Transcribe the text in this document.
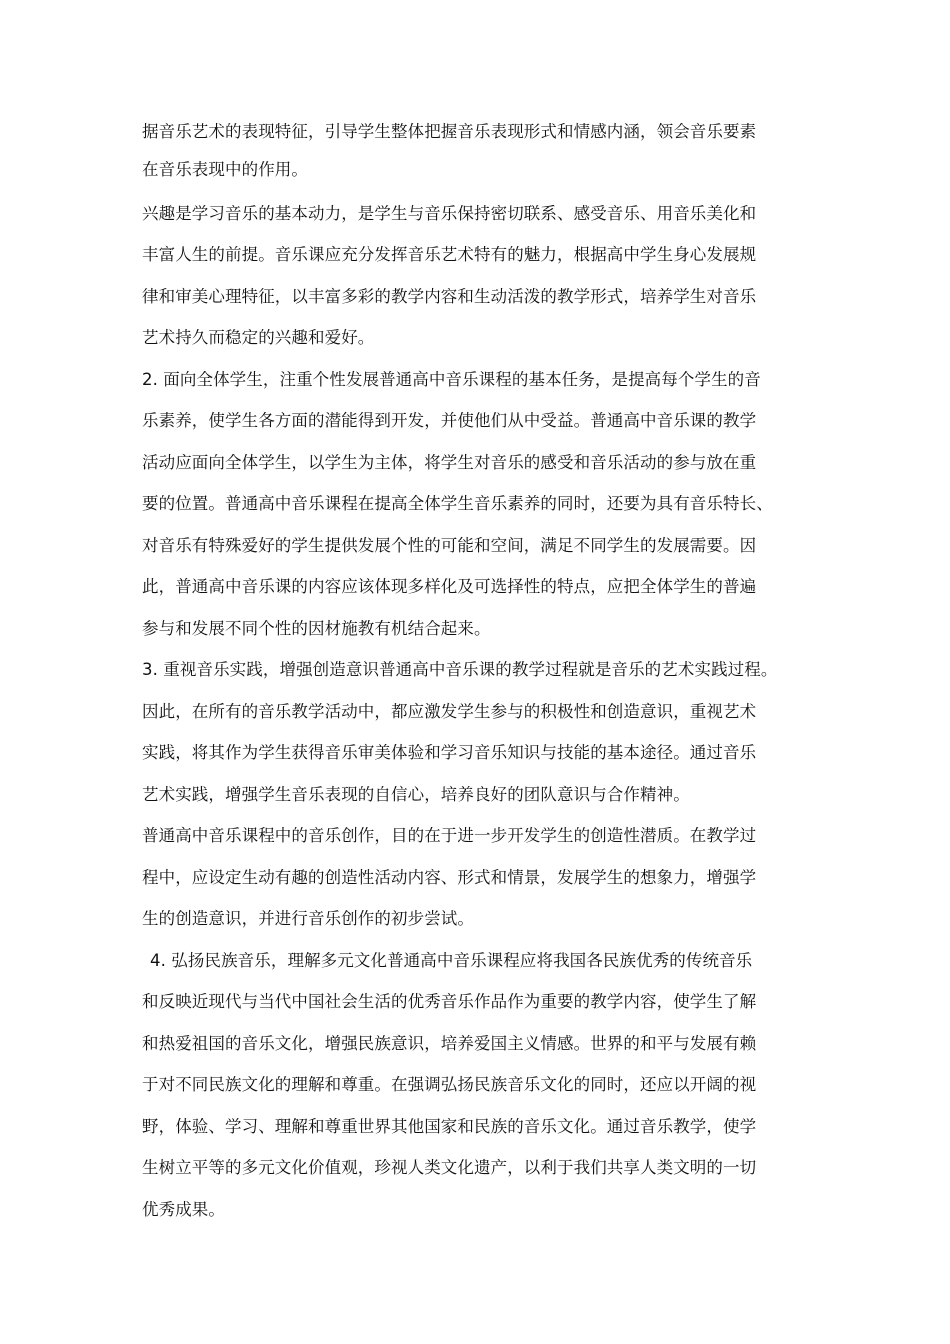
据音乐艺术的表现特征，引导学生整体把握音乐表现形式和情感内涵，领会音乐要素
在音乐表现中的作用。
兴趣是学习音乐的基本动力，是学生与音乐保持密切联系、感受音乐、用音乐美化和
丰富人生的前提。音乐课应充分发挥音乐艺术特有的魅力，根据高中学生身心发展规
律和审美心理特征，以丰富多彩的教学内容和生动活泼的教学形式，培养学生对音乐
艺术持久而稳定的兴趣和爱好。
2. 面向全体学生，注重个性发展普通高中音乐课程的基本任务，是提高每个学生的音
乐素养，使学生各方面的潜能得到开发，并使他们从中受益。普通高中音乐课的教学
活动应面向全体学生，以学生为主体，将学生对音乐的感受和音乐活动的参与放在重
要的位置。普通高中音乐课程在提高全体学生音乐素养的同时，还要为具有音乐特长、
对音乐有特殊爱好的学生提供发展个性的可能和空间，满足不同学生的发展需要。因
此，普通高中音乐课的内容应该体现多样化及可选择性的特点，应把全体学生的普遍
参与和发展不同个性的因材施教有机结合起来。
3. 重视音乐实践，增强创造意识普通高中音乐课的教学过程就是音乐的艺术实践过程。
因此，在所有的音乐教学活动中，都应激发学生参与的积极性和创造意识，重视艺术
实践，将其作为学生获得音乐审美体验和学习音乐知识与技能的基本途径。通过音乐
艺术实践，增强学生音乐表现的自信心，培养良好的团队意识与合作精神。
普通高中音乐课程中的音乐创作，目的在于进一步开发学生的创造性潜质。在教学过
程中，应设定生动有趣的创造性活动内容、形式和情景，发展学生的想象力，增强学
生的创造意识，并进行音乐创作的初步尝试。
4. 弘扬民族音乐，理解多元文化普通高中音乐课程应将我国各民族优秀的传统音乐
和反映近现代与当代中国社会生活的优秀音乐作品作为重要的教学内容，使学生了解
和热爱祖国的音乐文化，增强民族意识，培养爱国主义情感。世界的和平与发展有赖
于对不同民族文化的理解和尊重。在强调弘扬民族音乐文化的同时，还应以开阔的视
野，体验、学习、理解和尊重世界其他国家和民族的音乐文化。通过音乐教学，使学
生树立平等的多元文化价值观，珍视人类文化遗产，以利于我们共享人类文明的一切
优秀成果。
